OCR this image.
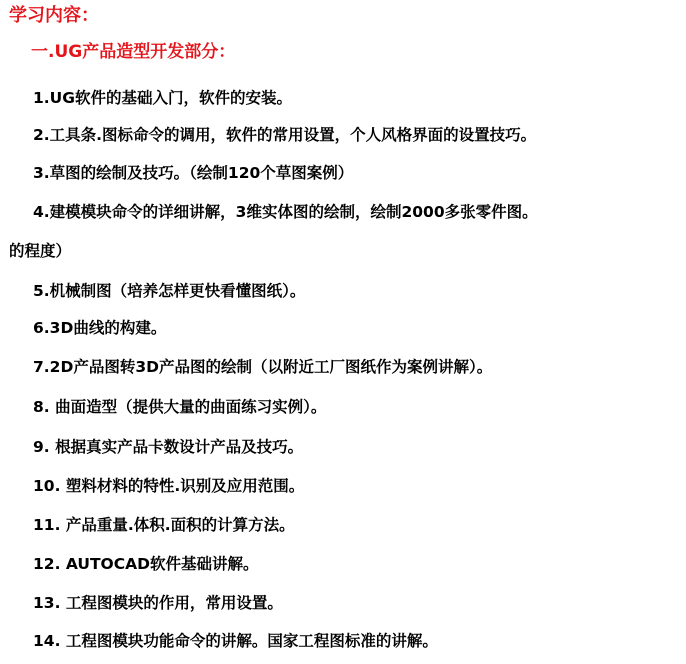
学习内容：
一.UG产品造型开发部分：
1.UG软件的基础入门，软件的安装。
2.工具条.图标命令的调用，软件的常用设置，个人风格界面的设置技巧。
3.草图的绘制及技巧。（绘制120个草图案例）
4.建模模块命令的详细讲解，3维实体图的绘制，绘制2000多张零件图。
的程度）
5.机械制图（培养怎样更快看懂图纸）。
6.3D曲线的构建。
7.2D产品图转3D产品图的绘制（以附近工厂图纸作为案例讲解）。
8. 曲面造型（提供大量的曲面练习实例）。
9. 根据真实产品卡数设计产品及技巧。
10. 塑料材料的特性.识别及应用范围。
11. 产品重量.体积.面积的计算方法。
12. AUTOCAD软件基础讲解。
13. 工程图模块的作用，常用设置。
14. 工程图模块功能命令的讲解。国家工程图标准的讲解。
